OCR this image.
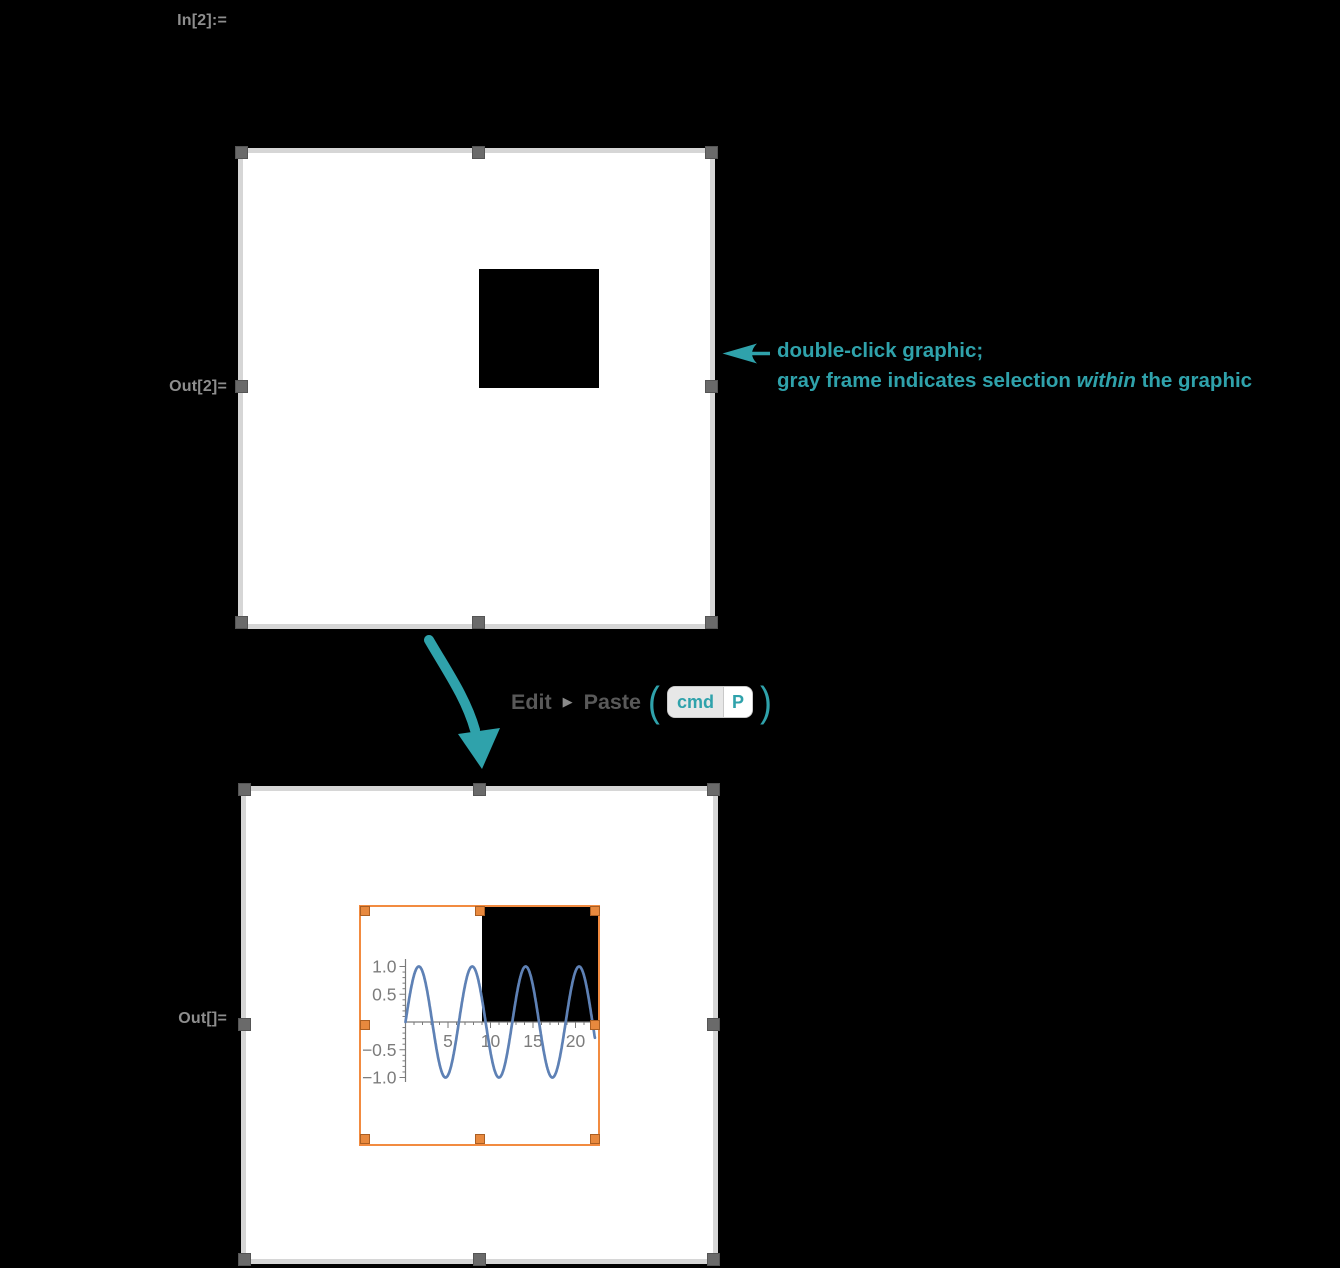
In[2]:=
Out[2]=
Out[]=
double-click graphic;
gray frame indicates selection within the graphic
Edit ▶ Paste ( cmd	P )
5 10 15 20
1.0
0.5
−0.5
−1.0
